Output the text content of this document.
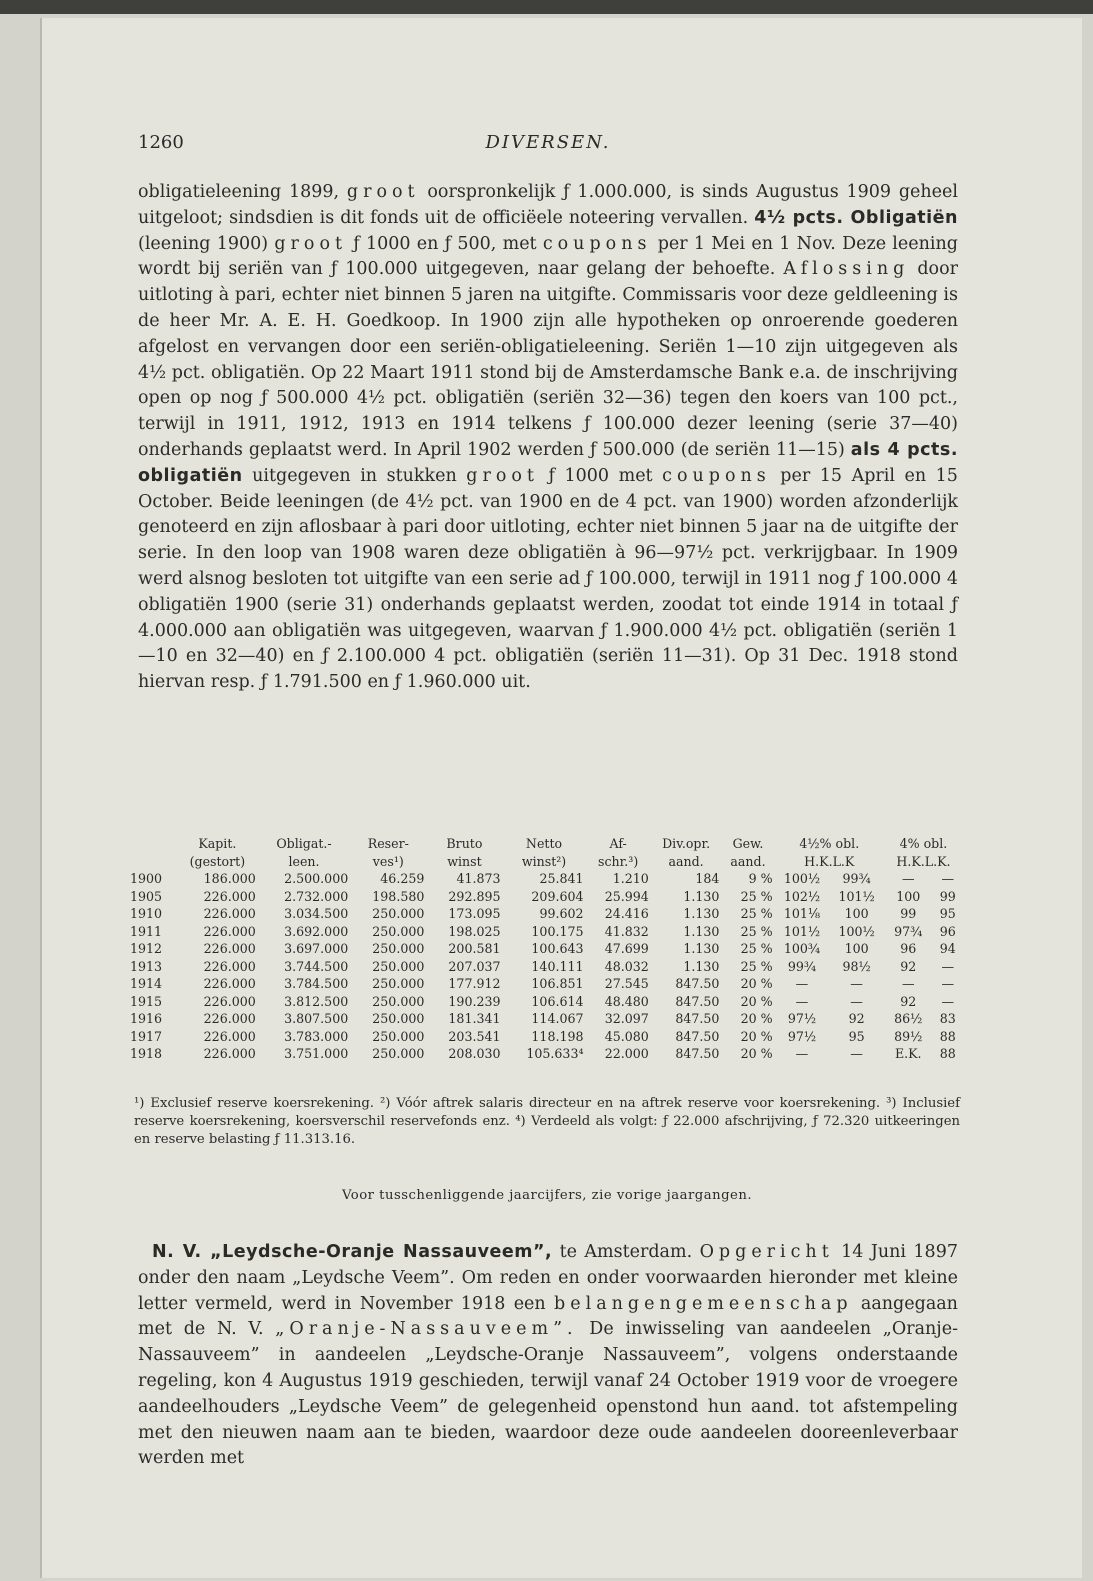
1260	DIVERSEN.

obligatieleening 1899, groot oorspronkelijk ƒ 1.000.000, is sinds Augustus 1909 geheel uitgeloot; sindsdien is dit fonds uit de officiëele noteering vervallen. 4½ pcts. Obligatiën (leening 1900) groot ƒ 1000 en ƒ 500, met coupons per 1 Mei en 1 Nov. Deze leening wordt bij seriën van ƒ 100.000 uitgegeven, naar gelang der behoefte. Aflossing door uitloting à pari, echter niet binnen 5 jaren na uitgifte. Commissaris voor deze geldleening is de heer Mr. A. E. H. Goedkoop. In 1900 zijn alle hypotheken op onroerende goederen afgelost en vervangen door een seriën-obligatieleening. Seriën 1—10 zijn uitgegeven als 4½ pct. obligatiën. Op 22 Maart 1911 stond bij de Amsterdamsche Bank e.a. de inschrijving open op nog ƒ 500.000 4½ pct. obligatiën (seriën 32—36) tegen den koers van 100 pct., terwijl in 1911, 1912, 1913 en 1914 telkens ƒ 100.000 dezer leening (serie 37—40) onderhands geplaatst werd. In April 1902 werden ƒ 500.000 (de seriën 11—15) als 4 pcts. obligatiën uitgegeven in stukken groot ƒ 1000 met coupons per 15 April en 15 October. Beide leeningen (de 4½ pct. van 1900 en de 4 pct. van 1900) worden afzonderlijk genoteerd en zijn aflosbaar à pari door uitloting, echter niet binnen 5 jaar na de uitgifte der serie. In den loop van 1908 waren deze obligatiën à 96—97½ pct. verkrijgbaar. In 1909 werd alsnog besloten tot uitgifte van een serie ad ƒ 100.000, terwijl in 1911 nog ƒ 100.000 4 obligatiën 1900 (serie 31) onderhands geplaatst werden, zoodat tot einde 1914 in totaal ƒ 4.000.000 aan obligatiën was uitgegeven, waarvan ƒ 1.900.000 4½ pct. obligatiën (seriën 1—10 en 32—40) en ƒ 2.100.000 4 pct. obligatiën (seriën 11—31). Op 31 Dec. 1918 stond hiervan resp. ƒ 1.791.500 en ƒ 1.960.000 uit.

	Kapit.	Obligat.-	Reser-	Bruto	Netto	Af-	Div.opr.	Gew.	4½% obl.		4% obl.	
	(gestort)	leen.	ves¹)	winst	winst²)	schr.³)	aand.	aand.	H.K.L.K		H.K.L.K.	
1900	186.000	2.500.000	46.259	41.873	25.841	1.210	184	9 %	100½	99¾	—	—
1905	226.000	2.732.000	198.580	292.895	209.604	25.994	1.130	25 %	102½	101½	100	99
1910	226.000	3.034.500	250.000	173.095	99.602	24.416	1.130	25 %	101⅛	100	99	95
1911	226.000	3.692.000	250.000	198.025	100.175	41.832	1.130	25 %	101½	100½	97¾	96
1912	226.000	3.697.000	250.000	200.581	100.643	47.699	1.130	25 %	100¾	100	96	94
1913	226.000	3.744.500	250.000	207.037	140.111	48.032	1.130	25 %	99¾	98½	92	—
1914	226.000	3.784.500	250.000	177.912	106.851	27.545	847.50	20 %	—	—	—	—
1915	226.000	3.812.500	250.000	190.239	106.614	48.480	847.50	20 %	—	—	92	—
1916	226.000	3.807.500	250.000	181.341	114.067	32.097	847.50	20 %	97½	92	86½	83
1917	226.000	3.783.000	250.000	203.541	118.198	45.080	847.50	20 %	97½	95	89½	88
1918	226.000	3.751.000	250.000	208.030	105.633⁴	22.000	847.50	20 %	—	—	E.K.	88

¹) Exclusief reserve koersrekening. ²) Vóór aftrek salaris directeur en na aftrek reserve voor koersrekening. ³) Inclusief reserve koersrekening, koersverschil reservefonds enz. ⁴) Verdeeld als volgt: ƒ 22.000 afschrijving, ƒ 72.320 uitkeeringen en reserve belasting ƒ 11.313.16.

Voor tusschenliggende jaarcijfers, zie vorige jaargangen.

N. V. „Leydsche-Oranje Nassauveem”, te Amsterdam. Opgericht 14 Juni 1897 onder den naam „Leydsche Veem”. Om reden en onder voorwaarden hieronder met kleine letter vermeld, werd in November 1918 een belangengemeenschap aangegaan met de N. V. „Oranje-Nassauveem”. De inwisseling van aandeelen „Oranje-Nassauveem” in aandeelen „Leydsche-Oranje Nassauveem”, volgens onderstaande regeling, kon 4 Augustus 1919 geschieden, terwijl vanaf 24 October 1919 voor de vroegere aandeelhouders „Leydsche Veem” de gelegenheid openstond hun aand. tot afstempeling met den nieuwen naam aan te bieden, waardoor deze oude aandeelen dooreenleverbaar werden met
